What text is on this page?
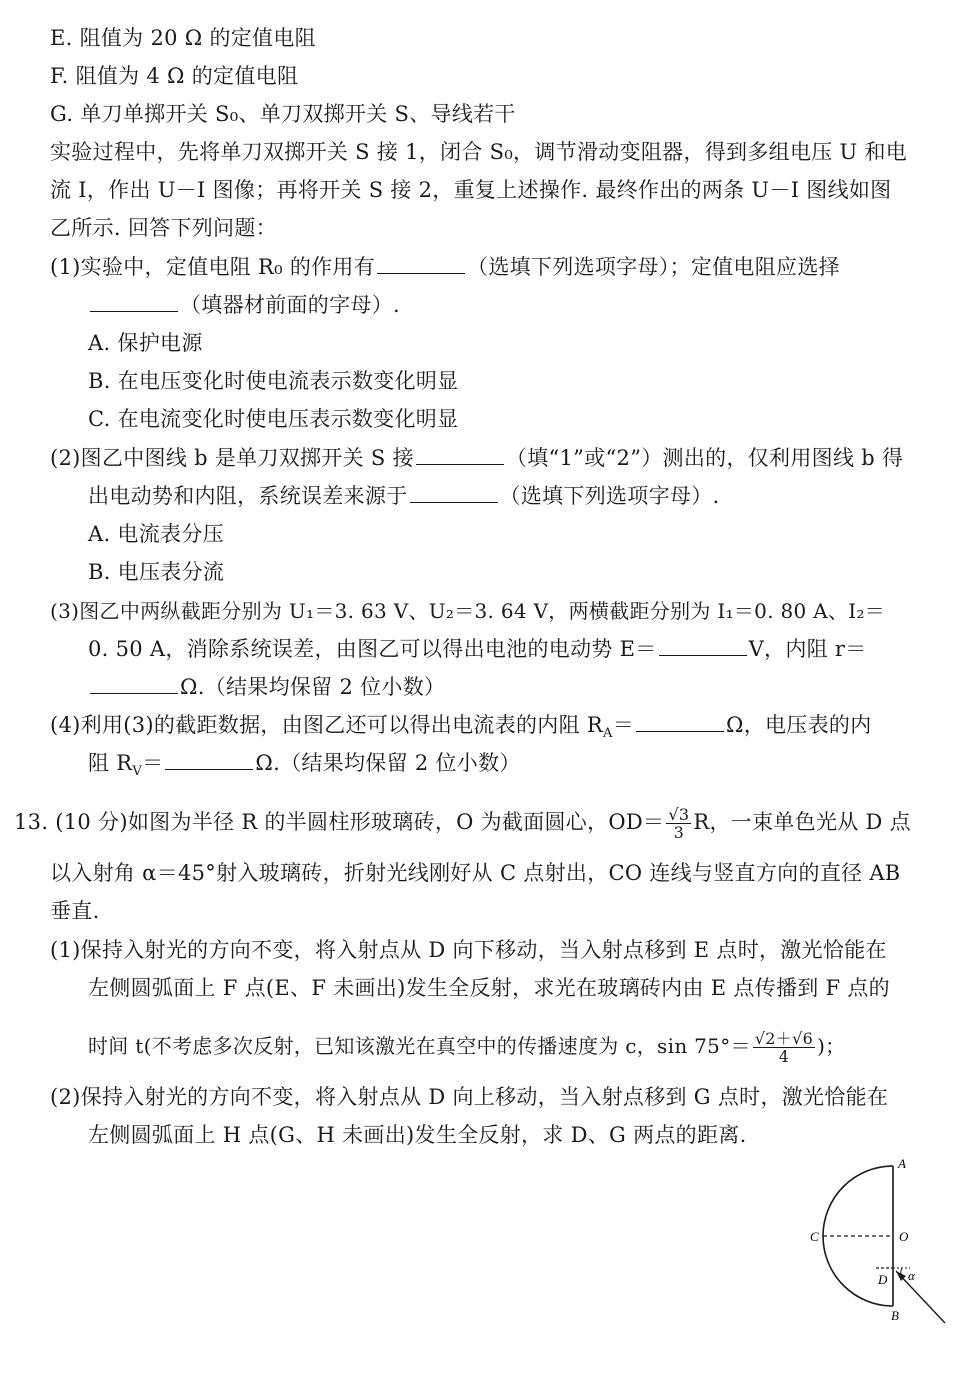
E. 阻值为 20 Ω 的定值电阻
F. 阻值为 4 Ω 的定值电阻
G. 单刀单掷开关 S₀、单刀双掷开关 S、导线若干
实验过程中，先将单刀双掷开关 S 接 1，闭合 S₀，调节滑动变阻器，得到多组电压 U 和电
流 I，作出 U－I 图像；再将开关 S 接 2，重复上述操作. 最终作出的两条 U－I 图线如图
乙所示. 回答下列问题：
(1)实验中，定值电阻 R₀ 的作用有	（选填下列选项字母）；定值电阻应选择
（填器材前面的字母）.
A. 保护电源
B. 在电压变化时使电流表示数变化明显
C. 在电流变化时使电压表示数变化明显
(2)图乙中图线 b 是单刀双掷开关 S 接	（填“1”或“2”）测出的，仅利用图线 b 得
出电动势和内阻，系统误差来源于	（选填下列选项字母）.
A. 电流表分压
B. 电压表分流
(3)图乙中两纵截距分别为 U₁＝3. 63 V、U₂＝3. 64 V，两横截距分别为 I₁＝0. 80 A、I₂＝
0. 50 A，消除系统误差，由图乙可以得出电池的电动势 E＝	V，内阻 r＝
Ω.（结果均保留 2 位小数）
(4)利用(3)的截距数据，由图乙还可以得出电流表的内阻 $R_A=$	Ω，电压表的内
阻 $R_V=$	Ω.（结果均保留 2 位小数）
13. (10 分)如图为半径 R 的半圆柱形玻璃砖，O 为截面圆心，$OD= \frac{√3}{3}$ R，一束单色光从 D 点
以入射角 α＝45°射入玻璃砖，折射光线刚好从 C 点射出，CO 连线与竖直方向的直径 AB
垂直.
(1)保持入射光的方向不变，将入射点从 D 向下移动，当入射点移到 E 点时，激光恰能在
左侧圆弧面上 F 点(E、F 未画出)发生全反射，求光在玻璃砖内由 E 点传播到 F 点的
时间 t(不考虑多次反射，已知该激光在真空中的传播速度为 c，$\sin 75^\circ= \frac{√2+√6}{4}$ )；
(2)保持入射光的方向不变，将入射点从 D 向上移动，当入射点移到 G 点时，激光恰能在
左侧圆弧面上 H 点(G、H 未画出)发生全反射，求 D、G 两点的距离.
A
B
C	O
D α
